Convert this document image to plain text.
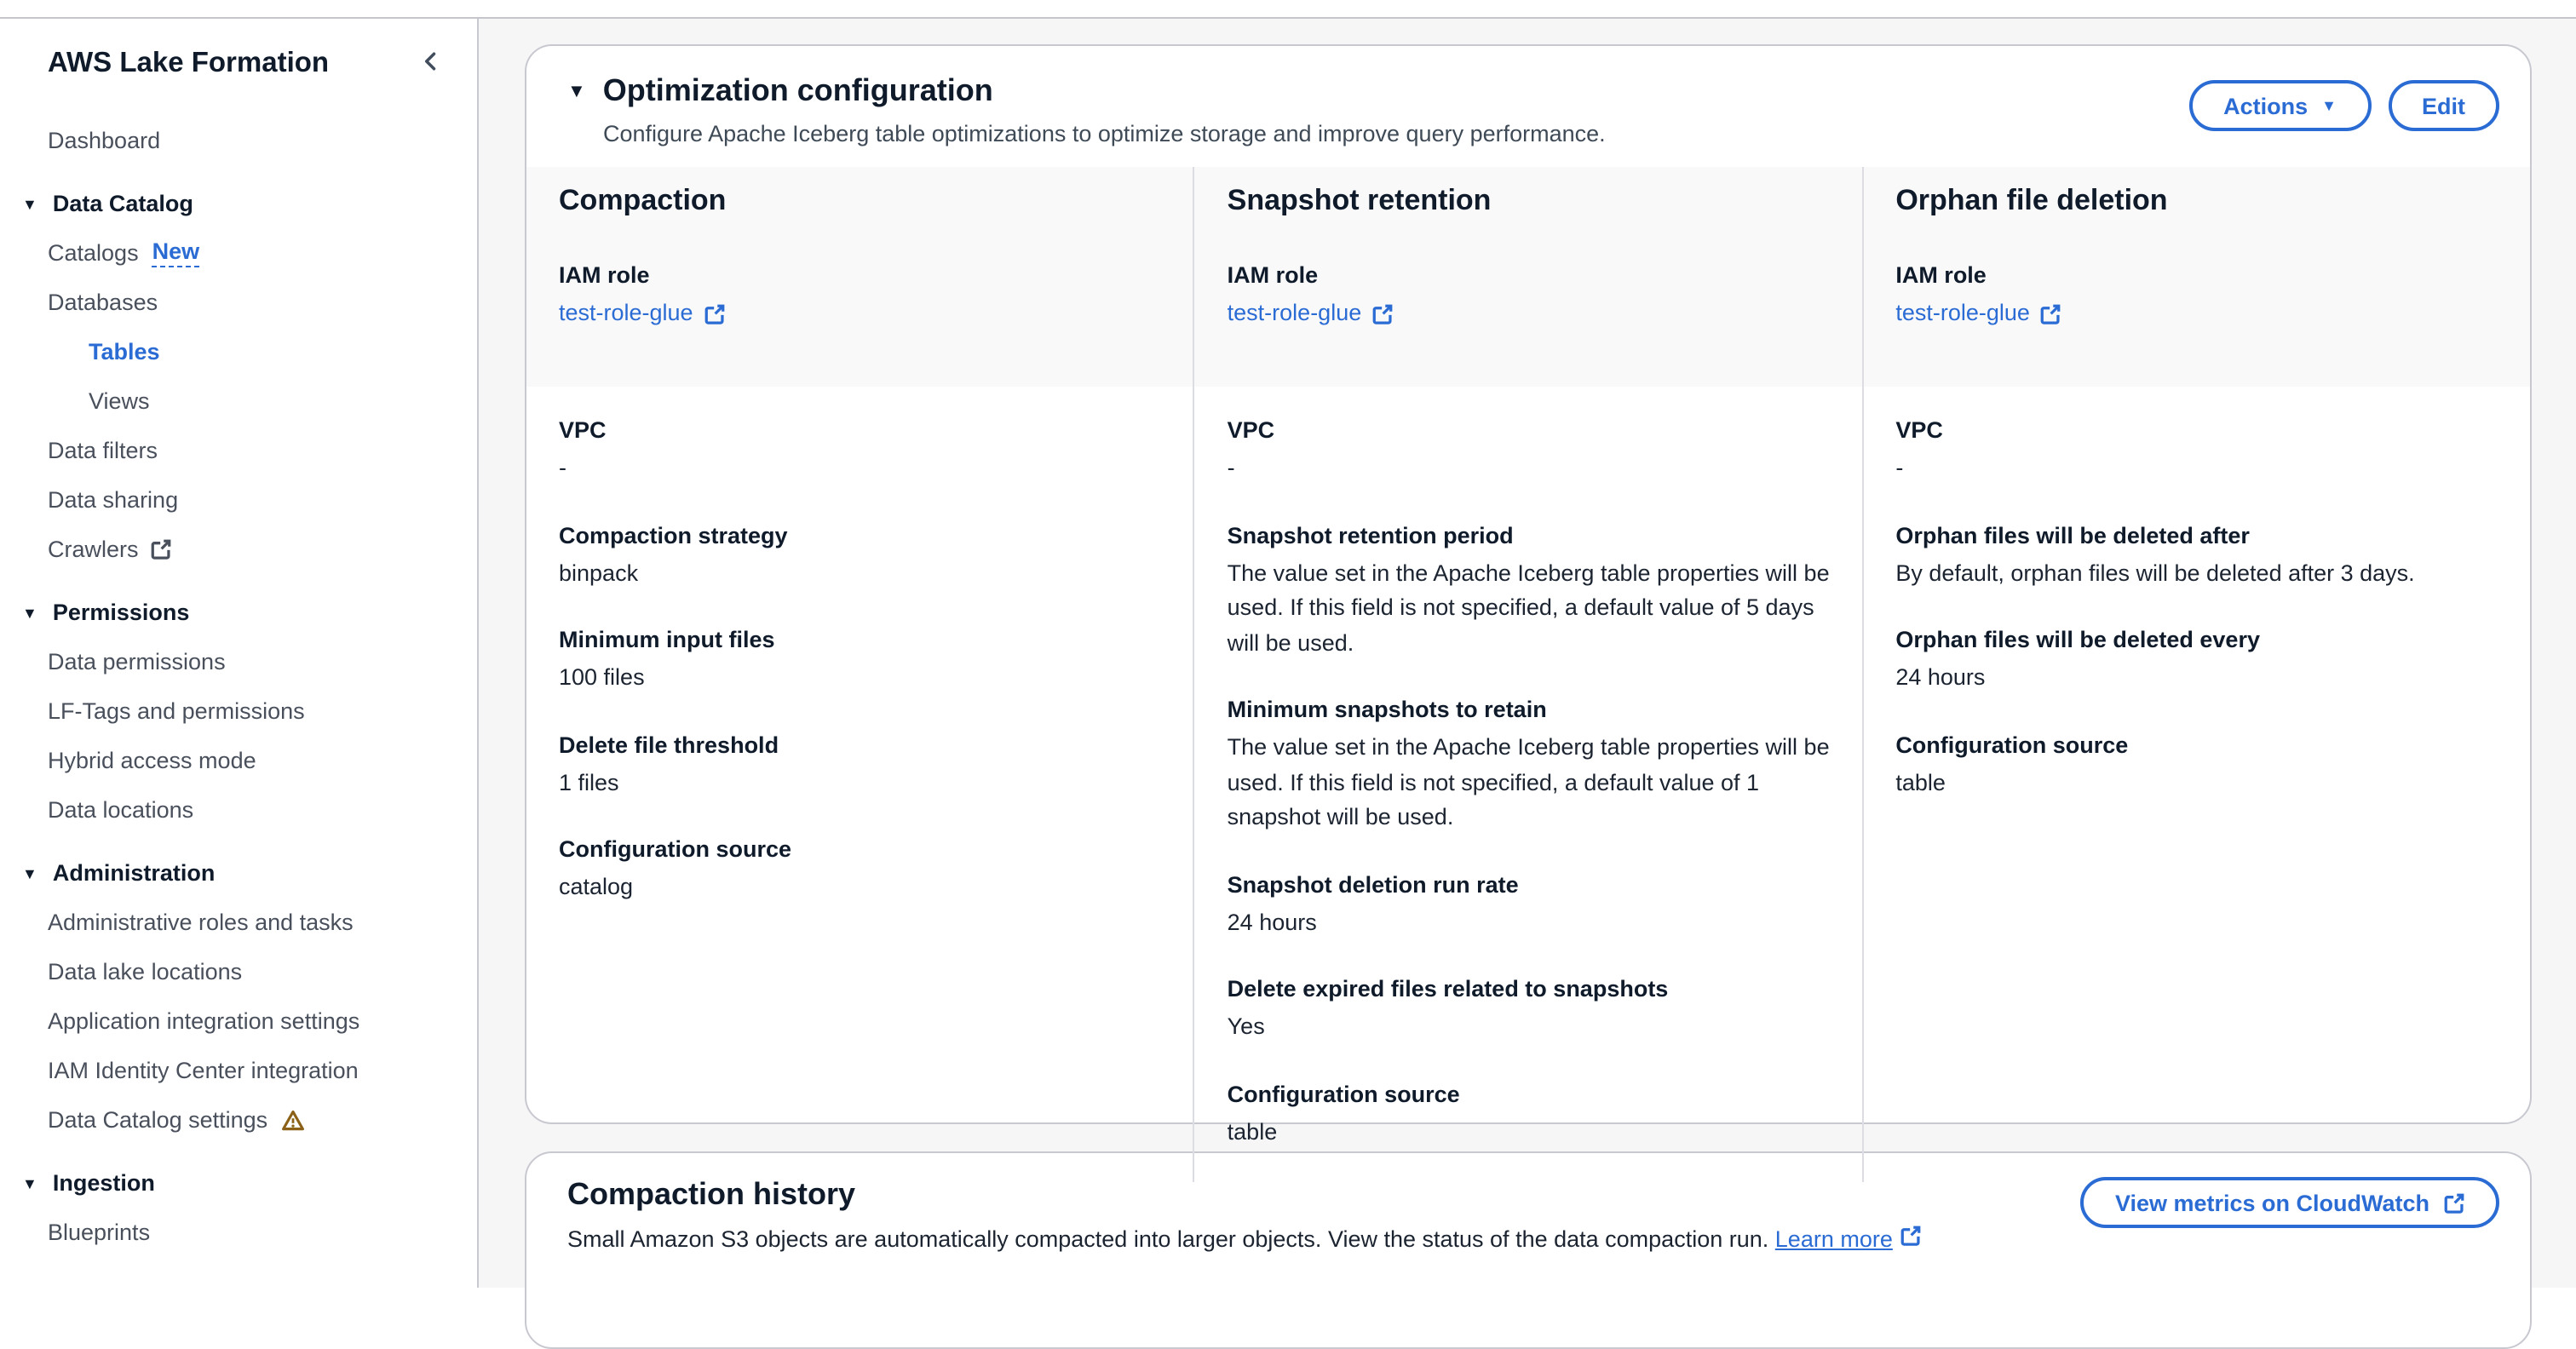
AWS Lake Formation
Dashboard
▼ Data Catalog
Catalogs New
Databases
Tables
Views
Data filters
Data sharing
Crawlers
▼ Permissions
Data permissions
LF-Tags and permissions
Hybrid access mode
Data locations
▼ Administration
Administrative roles and tasks
Data lake locations
Application integration settings
IAM Identity Center integration
Data Catalog settings
▼ Ingestion
Blueprints
▼ Optimization configuration

Configure Apache Iceberg table optimizations to optimize storage and improve query performance.

Actions ▼	Edit
Compaction
IAM role
test-role-glue
VPC
-
Compaction strategy
binpack
Minimum input files
100 files
Delete file threshold
1 files
Configuration source
catalog
Snapshot retention
IAM role
test-role-glue
VPC
-
Snapshot retention period
The value set in the Apache Iceberg table properties will be used. If this field is not specified, a default value of 5 days will be used.
Minimum snapshots to retain
The value set in the Apache Iceberg table properties will be used. If this field is not specified, a default value of 1 snapshot will be used.
Snapshot deletion run rate
24 hours
Delete expired files related to snapshots
Yes
Configuration source
table
Orphan file deletion
IAM role
test-role-glue
VPC
-
Orphan files will be deleted after
By default, orphan files will be deleted after 3 days.
Orphan files will be deleted every
24 hours
Configuration source
table
Compaction history

Small Amazon S3 objects are automatically compacted into larger objects. View the status of the data compaction run. Learn more

View metrics on CloudWatch
